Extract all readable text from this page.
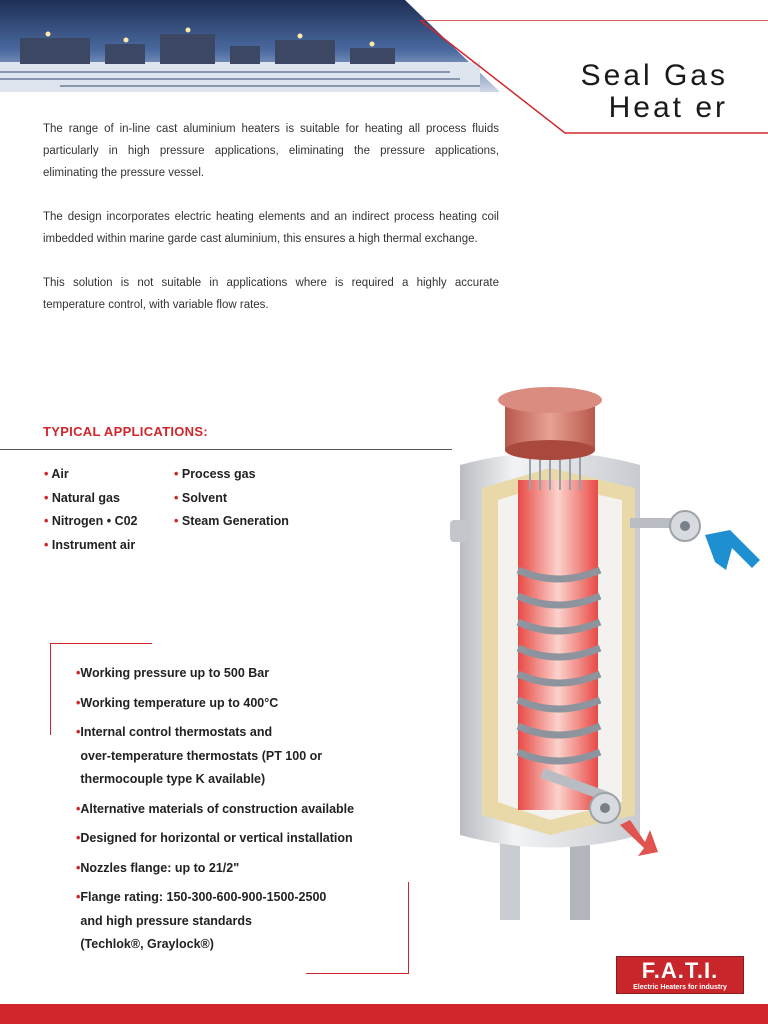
Seal Gas
Heat er

The range of in-line cast aluminium heaters is suitable for heating all process fluids particularly in high pressure applications, eliminating the pressure applications, eliminating the pressure vessel.

The design incorporates electric heating elements and an indirect process heating coil imbedded within marine garde cast aluminium, this ensures a high thermal exchange.

This solution is not suitable in applications where is required a highly accurate temperature control, with variable flow rates.

TYPICAL APPLICATIONS:
• Air
• Natural gas
• Nitrogen • C02
• Instrument air
• Process gas
• Solvent
• Steam Generation
•Working pressure up to 500 Bar
•Working temperature up to 400°C
• Internal control thermostats and
over-temperature thermostats (PT 100 or
thermocouple type K available)
•Alternative materials of construction available
•Designed for horizontal or vertical installation
•Nozzles flange: up to 21/2"
• Flange rating: 150-300-600-900-1500-2500
and high pressure standards
(Techlok®, Graylock®)
F.A.T.I.
Electric Heaters for industry
